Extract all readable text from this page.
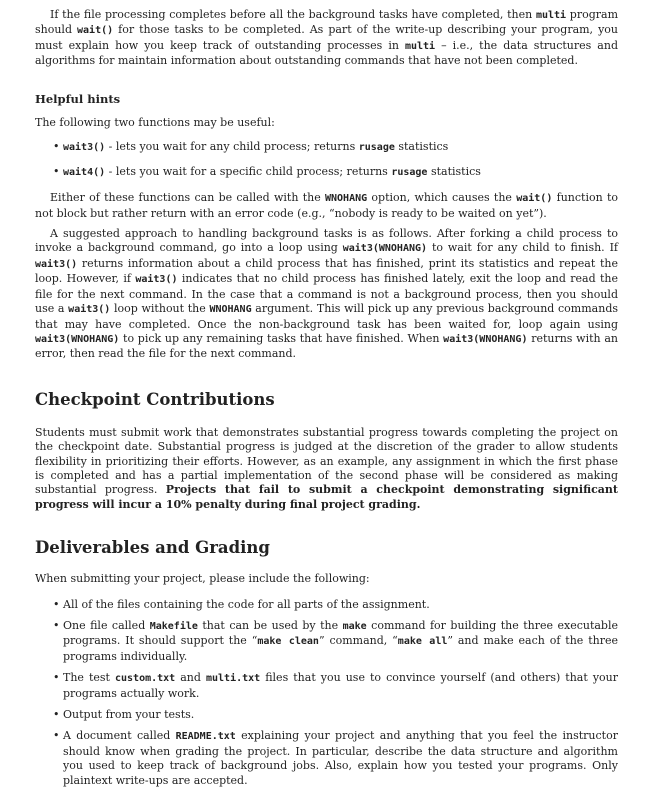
If the file processing completes before all the background tasks have completed, then multi program should wait() for those tasks to be completed. As part of the write-up describing your program, you must explain how you keep track of outstanding processes in multi – i.e., the data structures and algorithms for maintain information about outstanding commands that have not been completed.

Helpful hints

The following two functions may be useful:

• wait3() - lets you wait for any child process; returns rusage statistics
• wait4() - lets you wait for a specific child process; returns rusage statistics

Either of these functions can be called with the WNOHANG option, which causes the wait() function to not block but rather return with an error code (e.g., “nobody is ready to be waited on yet”).

A suggested approach to handling background tasks is as follows. After forking a child process to invoke a background command, go into a loop using wait3(WNOHANG) to wait for any child to finish. If wait3() returns information about a child process that has finished, print its statistics and repeat the loop. However, if wait3() indicates that no child process has finished lately, exit the loop and read the file for the next command. In the case that a command is not a background process, then you should use a wait3() loop without the WNOHANG argument. This will pick up any previous background commands that may have completed. Once the non-background task has been waited for, loop again using wait3(WNOHANG) to pick up any remaining tasks that have finished. When wait3(WNOHANG) returns with an error, then read the file for the next command.

Checkpoint Contributions

Students must submit work that demonstrates substantial progress towards completing the project on the checkpoint date. Substantial progress is judged at the discretion of the grader to allow students flexibility in prioritizing their efforts. However, as an example, any assignment in which the first phase is completed and has a partial implementation of the second phase will be considered as making substantial progress. Projects that fail to submit a checkpoint demonstrating significant progress will incur a 10% penalty during final project grading.

Deliverables and Grading

When submitting your project, please include the following:

• All of the files containing the code for all parts of the assignment.
• One file called Makefile that can be used by the make command for building the three executable programs. It should support the “make clean” command, “make all” and make each of the three programs individually.
• The test custom.txt and multi.txt files that you use to convince yourself (and others) that your programs actually work.
• Output from your tests.
• A document called README.txt explaining your project and anything that you feel the instructor should know when grading the project. In particular, describe the data structure and algorithm you used to keep track of background jobs. Also, explain how you tested your programs. Only plaintext write-ups are accepted.
